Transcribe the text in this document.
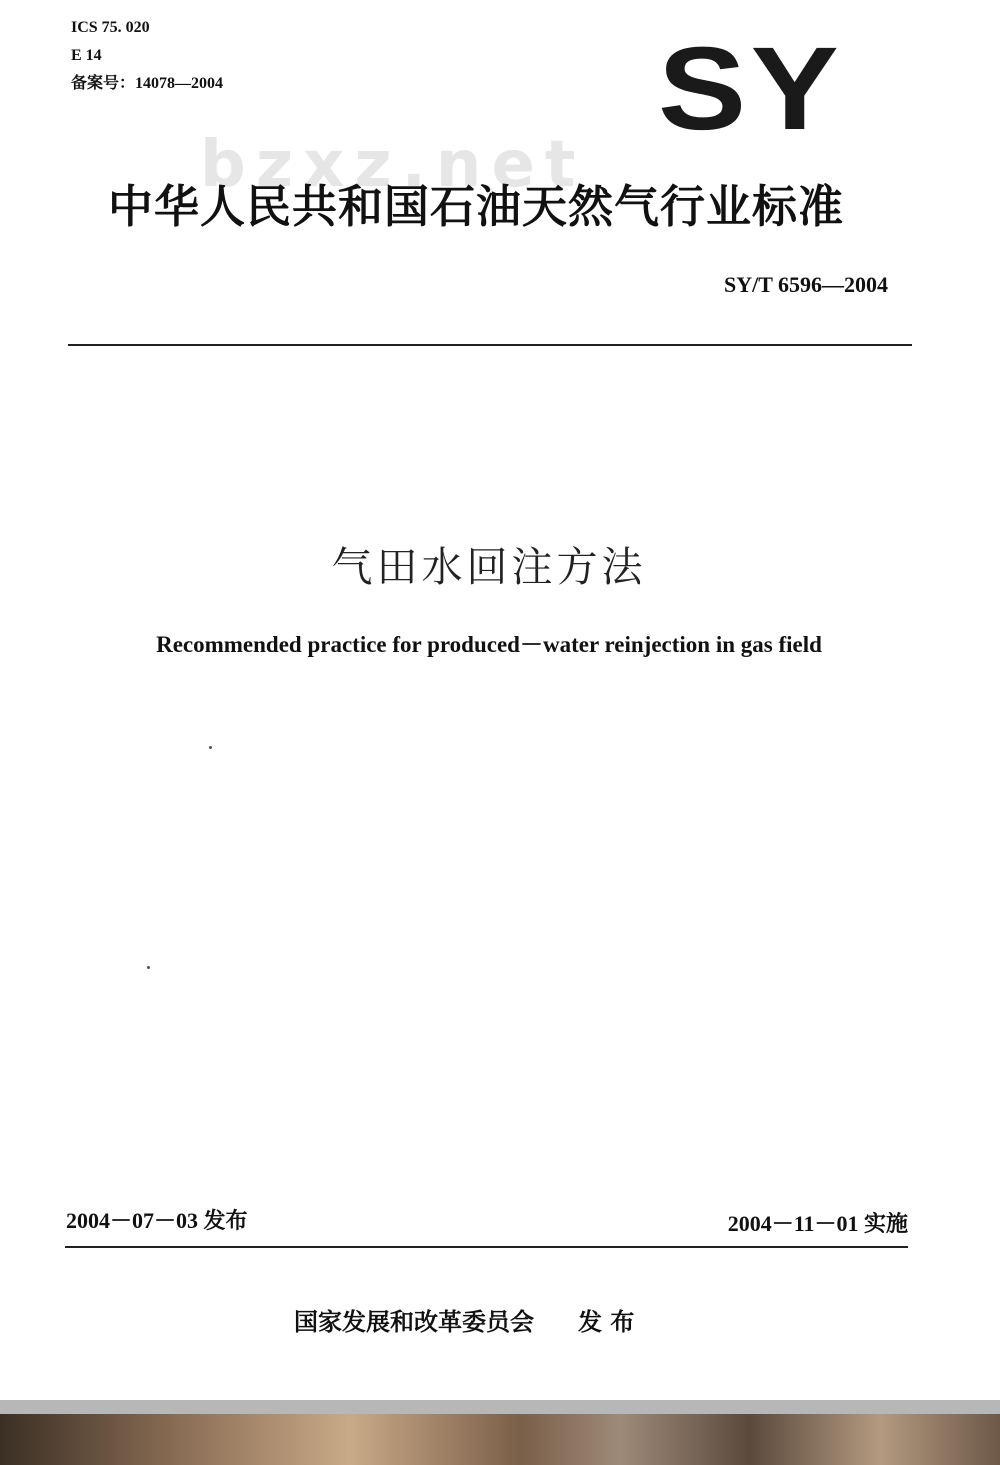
ICS 75. 020
E 14
备案号：14078—2004
bzxz.net
SY
中华人民共和国石油天然气行业标准
SY/T 6596—2004
气田水回注方法
Recommended practice for produced－water reinjection in gas field
2004－07－03 发布	2004－11－01 实施
国家发展和改革委员会 发 布
